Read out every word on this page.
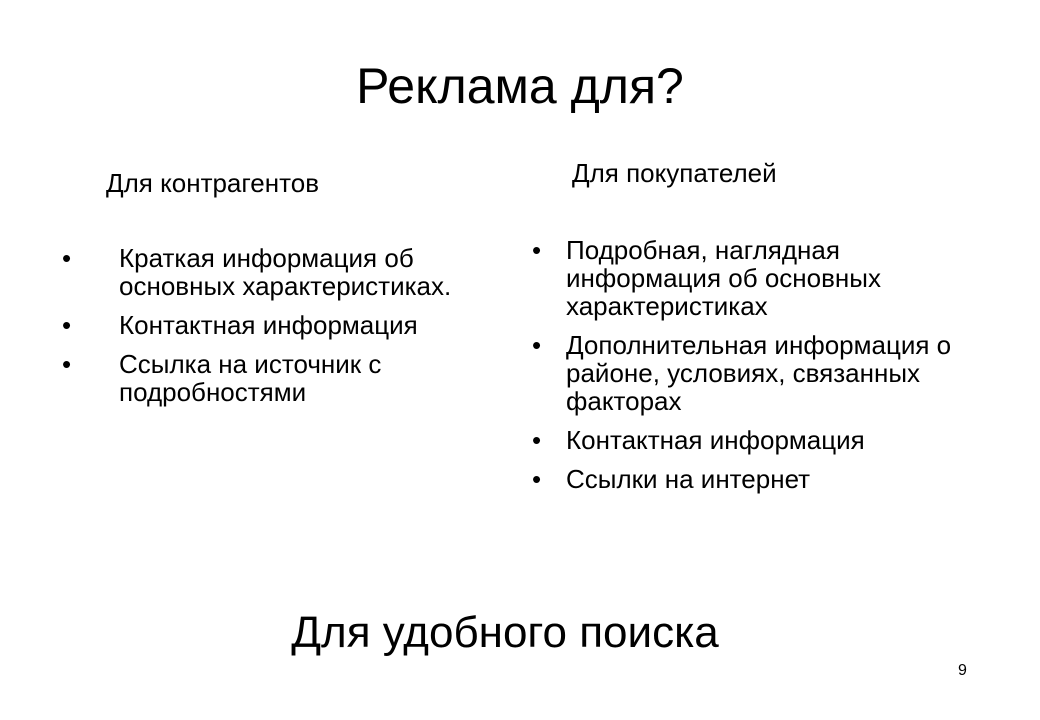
Реклама для?
Для контрагентов	Для покупателей
•	Краткая информация об основных характеристиках.
•	Контактная информация
•	Ссылка на источник с подробностями
• Подробная, наглядная информация об основных характеристиках
• Дополнительная информация о районе, условиях, связанных факторах
• Контактная информация
• Ссылки на интернет
Для удобного поиска
9
